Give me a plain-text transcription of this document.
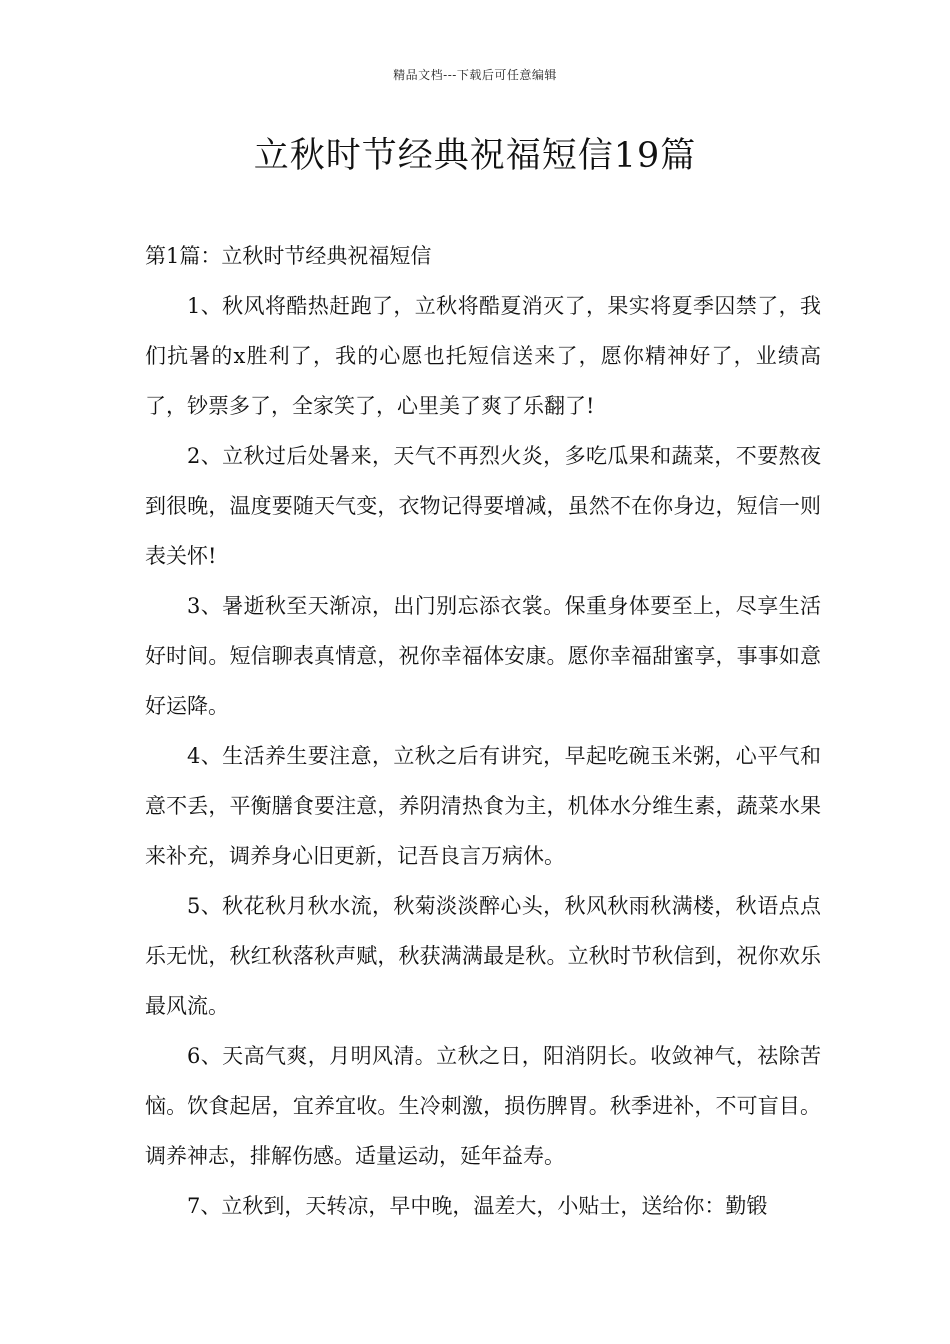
精品文档---下载后可任意编辑
立秋时节经典祝福短信19篇

第1篇：立秋时节经典祝福短信

1、秋风将酷热赶跑了，立秋将酷夏消灭了，果实将夏季囚禁了，我们抗暑的x胜利了，我的心愿也托短信送来了，愿你精神好了，业绩高了，钞票多了，全家笑了，心里美了爽了乐翻了!

2、立秋过后处暑来，天气不再烈火炎，多吃瓜果和蔬菜，不要熬夜到很晚，温度要随天气变，衣物记得要增减，虽然不在你身边，短信一则表关怀!

3、暑逝秋至天渐凉，出门别忘添衣裳。保重身体要至上，尽享生活好时间。短信聊表真情意，祝你幸福体安康。愿你幸福甜蜜享，事事如意好运降。

4、生活养生要注意，立秋之后有讲究，早起吃碗玉米粥，心平气和意不丢，平衡膳食要注意，养阴清热食为主，机体水分维生素，蔬菜水果来补充，调养身心旧更新，记吾良言万病休。

5、秋花秋月秋水流，秋菊淡淡醉心头，秋风秋雨秋满楼，秋语点点乐无忧，秋红秋落秋声赋，秋获满满最是秋。立秋时节秋信到，祝你欢乐最风流。

6、天高气爽，月明风清。立秋之日，阳消阴长。收敛神气，祛除苦恼。饮食起居，宜养宜收。生冷刺激，损伤脾胃。秋季进补，不可盲目。调养神志，排解伤感。适量运动，延年益寿。

7、立秋到，天转凉，早中晚，温差大，小贴士，送给你：勤锻
